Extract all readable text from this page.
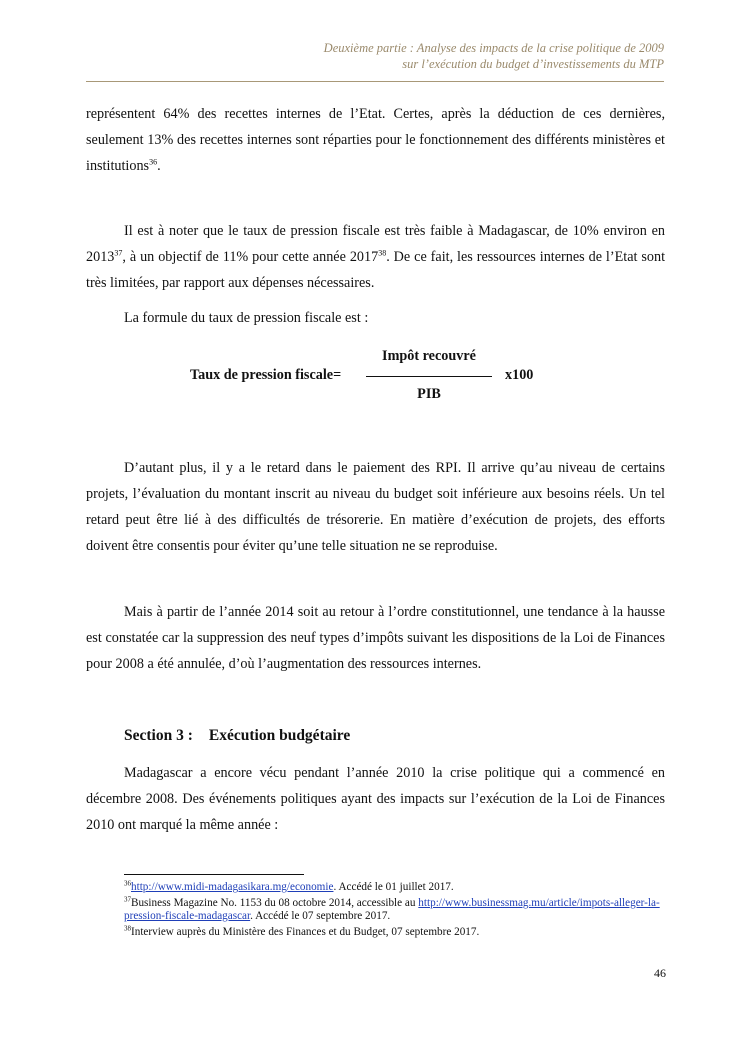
Deuxième partie : Analyse des impacts de la crise politique de 2009
sur l’exécution du budget d’investissements du MTP

représentent 64% des recettes internes de l’Etat. Certes, après la déduction de ces dernières, seulement 13% des recettes internes sont réparties pour le fonctionnement des différents ministères et institutions$^{36}$.

Il est à noter que le taux de pression fiscale est très faible à Madagascar, de 10% environ en 2013$^{37}$, à un objectif de 11% pour cette année 2017$^{38}$. De ce fait, les ressources internes de l’Etat sont très limitées, par rapport aux dépenses nécessaires.

La formule du taux de pression fiscale est :

Taux de pression fiscale=
Impôt recouvré
PIB
x100

D’autant plus, il y a le retard dans le paiement des RPI. Il arrive qu’au niveau de certains projets, l’évaluation du montant inscrit au niveau du budget soit inférieure aux besoins réels. Un tel retard peut être lié à des difficultés de trésorerie. En matière d’exécution de projets, des efforts doivent être consentis pour éviter qu’une telle situation ne se reproduise.

Mais à partir de l’année 2014 soit au retour à l’ordre constitutionnel, une tendance à la hausse est constatée car la suppression des neuf types d’impôts suivant les dispositions de la Loi de Finances pour 2008 a été annulée, d’où l’augmentation des ressources internes.

Section 3 : Exécution budgétaire

Madagascar a encore vécu pendant l’année 2010 la crise politique qui a commencé en décembre 2008. Des événements politiques ayant des impacts sur l’exécution de la Loi de Finances 2010 ont marqué la même année :

$^{36}$http://www.midi-madagasikara.mg/economie. Accédé le 01 juillet 2017.
$^{37}$Business Magazine No. 1153 du 08 octobre 2014, accessible au http://www.businessmag.mu/article/impots-alleger-la-pression-fiscale-madagascar. Accédé le 07 septembre 2017.
$^{38}$Interview auprès du Ministère des Finances et du Budget, 07 septembre 2017.
46
